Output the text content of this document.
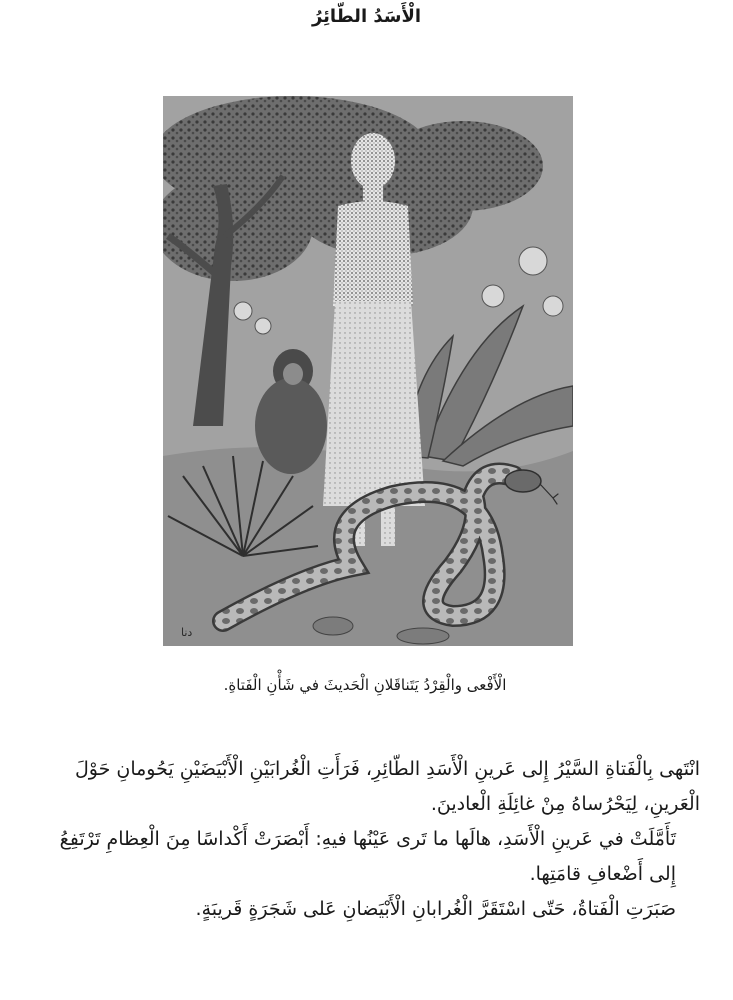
الْأَسَدُ الطّائِرُ
دنا
الْأَفْعى والْقِرْدُ يَتَناقَلانِ الْحَديثَ في شَأْنِ الْفَتاةِ.

انْتَهى بِالْفَتاةِ السَّيْرُ إِلى عَرينِ الْأَسَدِ الطّائِرِ، فَرَأَتِ الْغُرابَيْنِ الْأَبْيَضَيْنِ يَحُومانِ حَوْلَ الْعَرينِ، لِيَحْرُساهُ مِنْ غائِلَةِ الْعادينَ.

تَأَمَّلَتْ في عَرينِ الْأَسَدِ، هالَها ما تَرى عَيْنُها فيهِ: أَبْصَرَتْ أَكْداسًا مِنَ الْعِظامِ تَرْتَفِعُ إِلى أَضْعافِ قامَتِها.

صَبَرَتِ الْفَتاةُ، حَتّى اسْتَقَرَّ الْغُرابانِ الْأَبْيَضانِ عَلى شَجَرَةٍ قَريبَةٍ.
